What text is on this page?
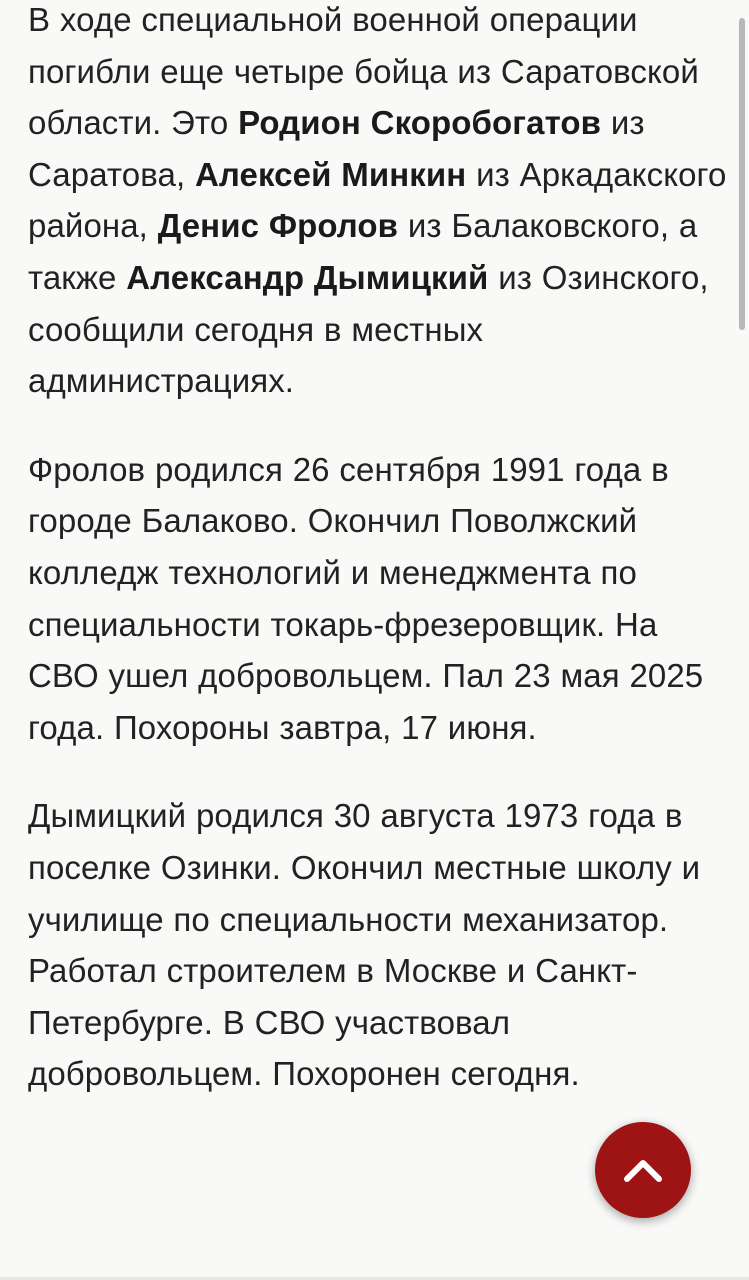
В ходе специальной военной операции погибли еще четыре бойца из Саратовской области. Это Родион Скоробогатов из Саратова, Алексей Минкин из Аркадакского района, Денис Фролов из Балаковского, а также Александр Дымицкий из Озинского, сообщили сегодня в местных администрациях.

Фролов родился 26 сентября 1991 года в городе Балаково. Окончил Поволжский колледж технологий и менеджмента по специальности токарь-фрезеровщик. На СВО ушел добровольцем. Пал 23 мая 2025 года. Похороны завтра, 17 июня.

Дымицкий родился 30 августа 1973 года в поселке Озинки. Окончил местные школу и училище по специальности механизатор. Работал строителем в Москве и Санкт-Петербурге. В СВО участвовал добровольцем. Похоронен сегодня.
